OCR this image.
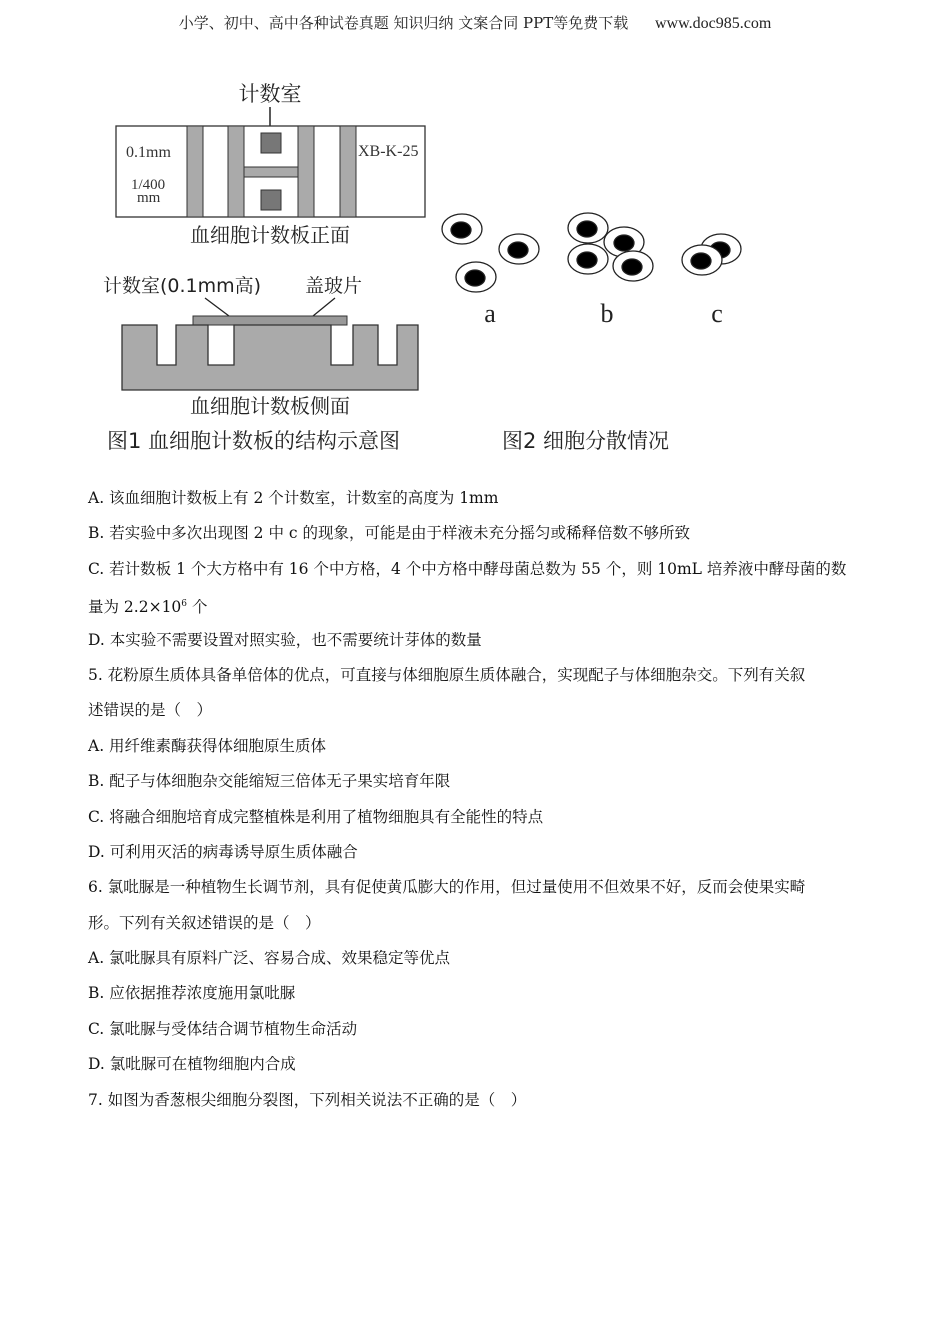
小学、初中、高中各种试卷真题 知识归纳 文案合同 PPT等免费下载 www.doc985.com
计数室
0.1mm
1/400
mm
XB-K-25
血细胞计数板正面
计数室(0.1mm高) 盖玻片
血细胞计数板侧面
图1 血细胞计数板的结构示意图
a	b	c
图2 细胞分散情况
A. 该血细胞计数板上有 2 个计数室，计数室的高度为 1mm
B. 若实验中多次出现图 2 中 c 的现象，可能是由于样液未充分摇匀或稀释倍数不够所致
C. 若计数板 1 个大方格中有 16 个中方格，4 个中方格中酵母菌总数为 55 个，则 10mL 培养液中酵母菌的数
量为 $2.2\times 10^6$ 个
D. 本实验不需要设置对照实验，也不需要统计芽体的数量
5. 花粉原生质体具备单倍体的优点，可直接与体细胞原生质体融合，实现配子与体细胞杂交。下列有关叙
述错误的是（　）
A. 用纤维素酶获得体细胞原生质体
B. 配子与体细胞杂交能缩短三倍体无子果实培育年限
C. 将融合细胞培育成完整植株是利用了植物细胞具有全能性的特点
D. 可利用灭活的病毒诱导原生质体融合
6. 氯吡脲是一种植物生长调节剂，具有促使黄瓜膨大的作用，但过量使用不但效果不好，反而会使果实畸
形。下列有关叙述错误的是（　）
A. 氯吡脲具有原料广泛、容易合成、效果稳定等优点
B. 应依据推荐浓度施用氯吡脲
C. 氯吡脲与受体结合调节植物生命活动
D. 氯吡脲可在植物细胞内合成
7. 如图为香葱根尖细胞分裂图，下列相关说法不正确的是（　）
